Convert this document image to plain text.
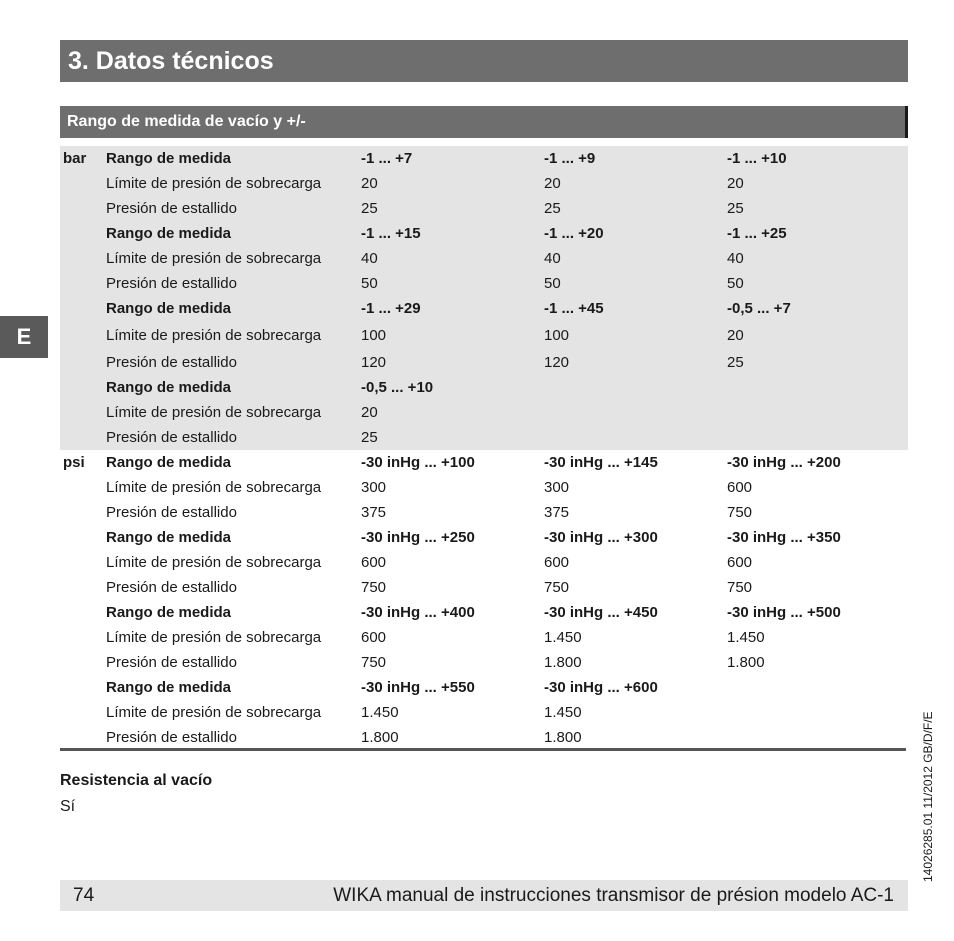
3. Datos técnicos
Rango de medida de vacío y +/-
E
bar Rango de medida	-1 ... +7	-1 ... +9	-1 ... +10
Límite de presión de sobrecarga	20	20	20
Presión de estallido	25	25	25
Rango de medida	-1 ... +15	-1 ... +20	-1 ... +25
Límite de presión de sobrecarga	40	40	40
Presión de estallido	50	50	50
Rango de medida	-1 ... +29	-1 ... +45	-0,5 ... +7
Límite de presión de sobrecarga	100	100	20
Presión de estallido	120	120	25
Rango de medida	-0,5 ... +10
Límite de presión de sobrecarga	20
Presión de estallido	25
psi Rango de medida	-30 inHg ... +100	-30 inHg ... +145	-30 inHg ... +200
Límite de presión de sobrecarga	300	300	600
Presión de estallido	375	375	750
Rango de medida	-30 inHg ... +250	-30 inHg ... +300	-30 inHg ... +350
Límite de presión de sobrecarga	600	600	600
Presión de estallido	750	750	750
Rango de medida	-30 inHg ... +400	-30 inHg ... +450	-30 inHg ... +500
Límite de presión de sobrecarga	600	1.450	1.450
Presión de estallido	750	1.800	1.800
Rango de medida	-30 inHg ... +550	-30 inHg ... +600
Límite de presión de sobrecarga	1.450	1.450
Presión de estallido	1.800	1.800
Resistencia al vacío
Sí
74	WIKA manual de instrucciones transmisor de présion modelo AC-1
14026285.01 11/2012 GB/D/F/E
